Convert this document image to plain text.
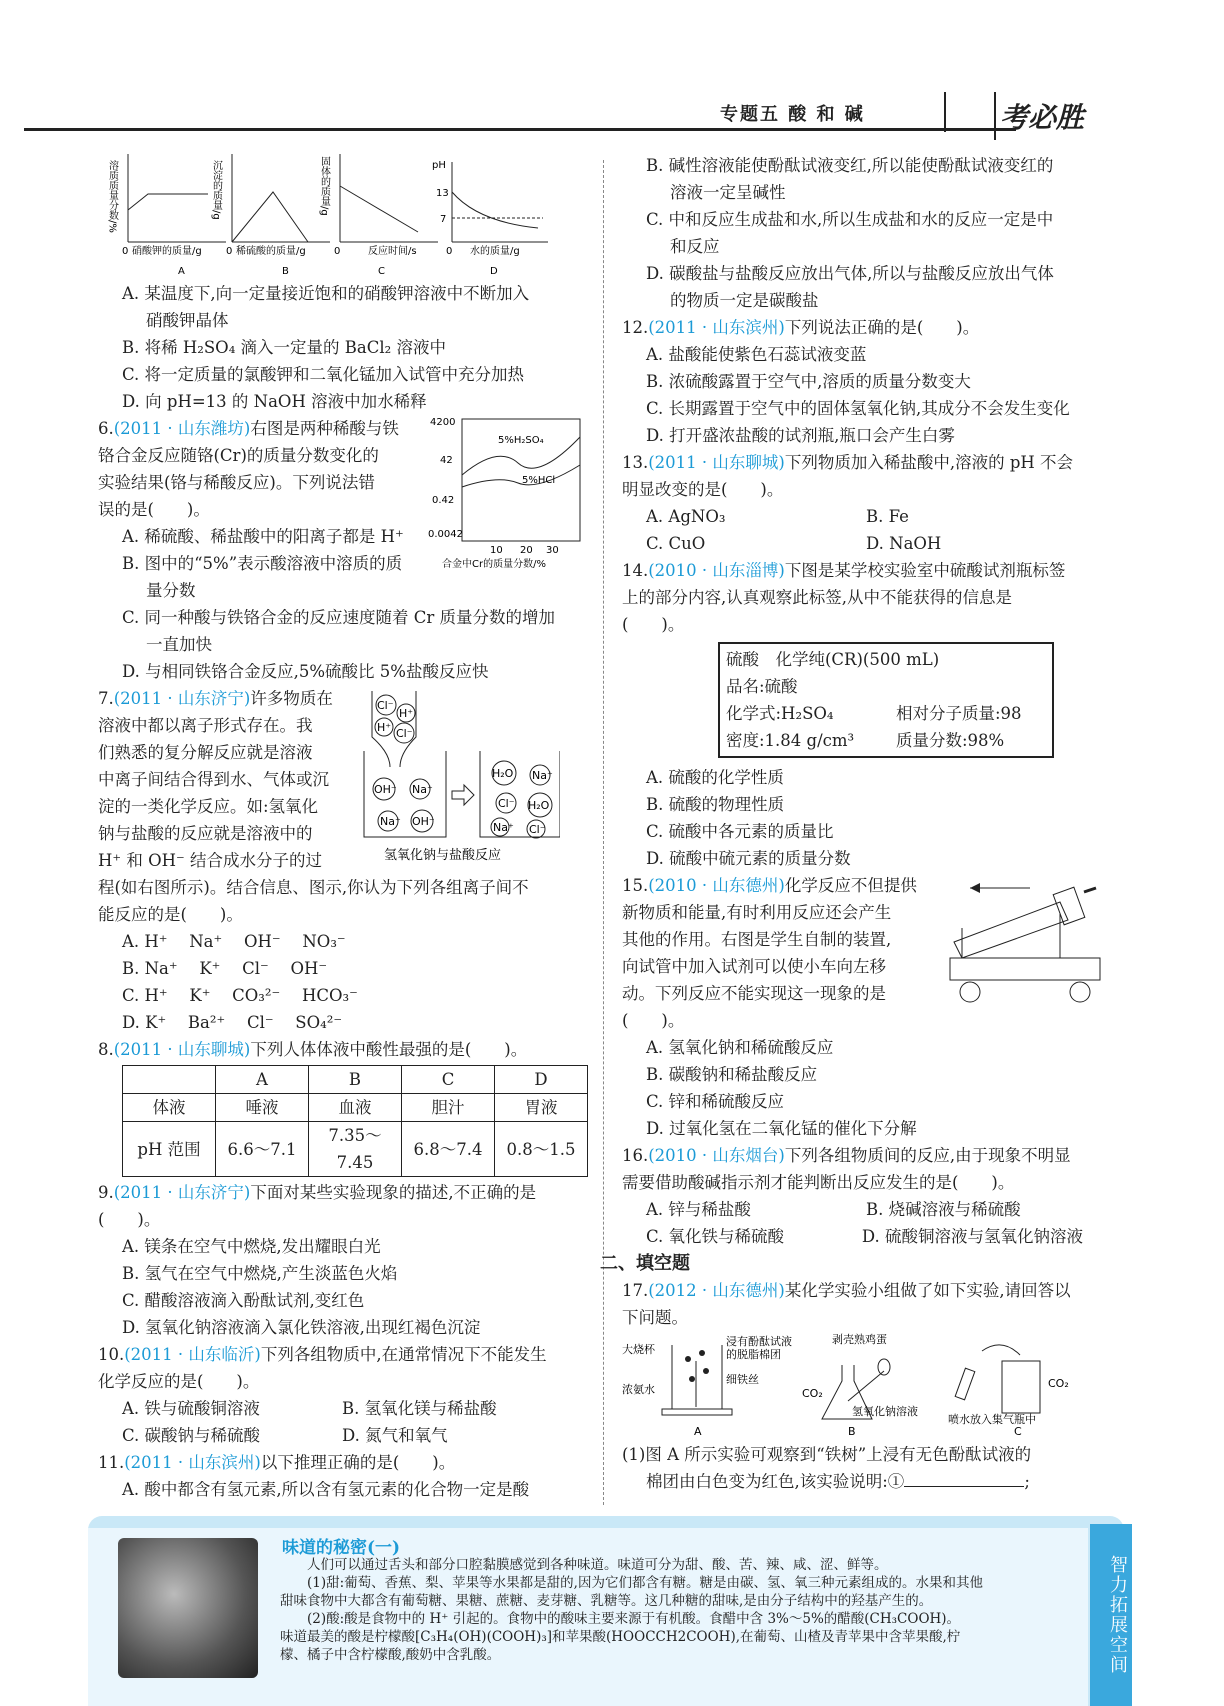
专题五 酸 和 碱	考必胜
溶质质量分数/%
0 硝酸钾的质量/g
A
沉淀的质量/g
0 稀硫酸的质量/g
B
固体的质量/g
0	反应时间/s
C
pH
13
7
0 水的质量/g
D
A. 某温度下,向一定量接近饱和的硝酸钾溶液中不断加入
硝酸钾晶体
B. 将稀 H₂SO₄ 滴入一定量的 BaCl₂ 溶液中
C. 将一定质量的氯酸钾和二氧化锰加入试管中充分加热
D. 向 pH=13 的 NaOH 溶液中加水稀释
4200
42
0.42
0.0042
5%H₂SO₄
5%HCl
10 20 30
合金中Cr的质量分数/%
6.(2011 · 山东潍坊)右图是两种稀酸与铁
铬合金反应随铬(Cr)的质量分数变化的
实验结果(铬与稀酸反应)。下列说法错
误的是(　　)。
A. 稀硫酸、稀盐酸中的阳离子都是 H⁺
B. 图中的“5%”表示酸溶液中溶质的质
量分数
C. 同一种酸与铁铬合金的反应速度随着 Cr 质量分数的增加
一直加快
D. 与相同铁铬合金反应,5%硫酸比 5%盐酸反应快
Cl⁻
H⁺
H⁺ Cl⁻
OH⁻ Na⁺
Na⁺ OH⁻
H₂O Na⁺
Cl⁻ H₂O
Na⁺ Cl⁻
氢氧化钠与盐酸反应
7.(2011 · 山东济宁)许多物质在
溶液中都以离子形式存在。我
们熟悉的复分解反应就是溶液
中离子间结合得到水、气体或沉
淀的一类化学反应。如:氢氧化
钠与盐酸的反应就是溶液中的
H⁺ 和 OH⁻ 结合成水分子的过
程(如右图所示)。结合信息、图示,你认为下列各组离子间不
能反应的是(　　)。
A. H⁺　 Na⁺　 OH⁻　 NO₃⁻
B. Na⁺　 K⁺　 Cl⁻　 OH⁻
C. H⁺　 K⁺　 CO₃²⁻　 HCO₃⁻
D. K⁺　 Ba²⁺　 Cl⁻　 SO₄²⁻
8.(2011 · 山东聊城)下列人体体液中酸性最强的是(　　)。
	A	B	C	D
体液	唾液	血液	胆汁	胃液
pH 范围	6.6～7.1	7.35～7.45	6.8～7.4	0.8～1.5
9.(2011 · 山东济宁)下面对某些实验现象的描述,不正确的是
(　　)。
A. 镁条在空气中燃烧,发出耀眼白光
B. 氢气在空气中燃烧,产生淡蓝色火焰
C. 醋酸溶液滴入酚酞试剂,变红色
D. 氢氧化钠溶液滴入氯化铁溶液,出现红褐色沉淀
10.(2011 · 山东临沂)下列各组物质中,在通常情况下不能发生
化学反应的是(　　)。
A. 铁与硫酸铜溶液	B. 氢氧化镁与稀盐酸
C. 碳酸钠与稀硫酸	D. 氮气和氧气
11.(2011 · 山东滨州)以下推理正确的是(　　)。
A. 酸中都含有氢元素,所以含有氢元素的化合物一定是酸
B. 碱性溶液能使酚酞试液变红,所以能使酚酞试液变红的
溶液一定呈碱性
C. 中和反应生成盐和水,所以生成盐和水的反应一定是中
和反应
D. 碳酸盐与盐酸反应放出气体,所以与盐酸反应放出气体
的物质一定是碳酸盐
12.(2011 · 山东滨州)下列说法正确的是(　　)。
A. 盐酸能使紫色石蕊试液变蓝
B. 浓硫酸露置于空气中,溶质的质量分数变大
C. 长期露置于空气中的固体氢氧化钠,其成分不会发生变化
D. 打开盛浓盐酸的试剂瓶,瓶口会产生白雾
13.(2011 · 山东聊城)下列物质加入稀盐酸中,溶液的 pH 不会
明显改变的是(　　)。
A. AgNO₃	B. Fe
C. CuO	D. NaOH
14.(2010 · 山东淄博)下图是某学校实验室中硫酸试剂瓶标签
上的部分内容,认真观察此标签,从中不能获得的信息是
(　　)。
硫酸　化学纯(CR)(500 mL)
品名:硫酸
化学式:H₂SO₄	相对分子质量:98
密度:1.84 g/cm³	质量分数:98%
A. 硫酸的化学性质
B. 硫酸的物理性质
C. 硫酸中各元素的质量比
D. 硫酸中硫元素的质量分数
15.(2010 · 山东德州)化学反应不但提供
新物质和能量,有时利用反应还会产生
其他的作用。右图是学生自制的装置,
向试管中加入试剂可以使小车向左移
动。下列反应不能实现这一现象的是
(　　)。
A. 氢氧化钠和稀硫酸反应
B. 碳酸钠和稀盐酸反应
C. 锌和稀硫酸反应
D. 过氧化氢在二氧化锰的催化下分解
16.(2010 · 山东烟台)下列各组物质间的反应,由于现象不明显
需要借助酸碱指示剂才能判断出反应发生的是(　　)。
A. 锌与稀盐酸	B. 烧碱溶液与稀硫酸
C. 氧化铁与稀硫酸	D. 硫酸铜溶液与氢氧化钠溶液
二、填空题
17.(2012 · 山东德州)某化学实验小组做了如下实验,请回答以
下问题。
大烧杯
浸有酚酞试液
的脱脂棉团
浓氨水
细铁丝
A
剥壳熟鸡蛋
CO₂
氢氧化钠溶液
B
CO₂
喷水放入集气瓶中
C
(1)图 A 所示实验可观察到“铁树”上浸有无色酚酞试液的
棉团由白色变为红色,该实验说明:①	;
味道的秘密(一)
人们可以通过舌头和部分口腔黏膜感觉到各种味道。味道可分为甜、酸、苦、辣、咸、涩、鲜等。
(1)甜:葡萄、香蕉、梨、苹果等水果都是甜的,因为它们都含有糖。糖是由碳、氢、氧三种元素组成的。水果和其他
甜味食物中大都含有葡萄糖、果糖、蔗糖、麦芽糖、乳糖等。这几种糖的甜味,是由分子结构中的羟基产生的。
(2)酸:酸是食物中的 H⁺ 引起的。食物中的酸味主要来源于有机酸。食醋中含 3%～5%的醋酸(CH₃COOH)。
味道最美的酸是柠檬酸[C₃H₄(OH)(COOH)₃]和苹果酸(HOOCCH2COOH),在葡萄、山楂及青苹果中含苹果酸,柠
檬、橘子中含柠檬酸,酸奶中含乳酸。	智力拓展空间
